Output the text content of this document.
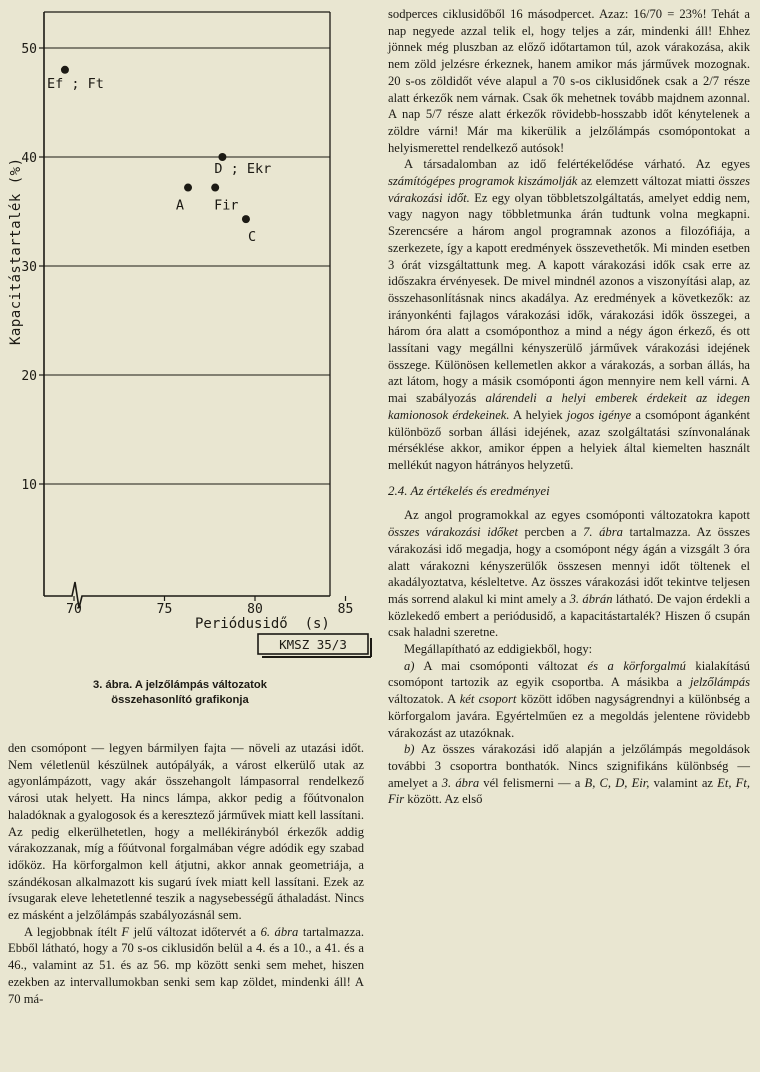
10
20
30
40
50
70	75	80	85
Ef ; Ft
D ; Ekr
A Fir
C
Kapacitástartalék (%)
Periódusidő  (s)
KMSZ 35/3
3. ábra. A jelzőlámpás változatok
összehasonlító grafikonja

sodperces ciklusidőből 16 másodpercet. Azaz: 16/70 = 23%! Tehát a nap negyede azzal telik el, hogy teljes a zár, mindenki áll! Ehhez jönnek még pluszban az előző időtartamon túl, azok várakozása, akik nem zöld jelzésre érkeznek, hanem amikor más járművek mozognak. 20 s-os zöldidőt véve alapul a 70 s-os ciklusidőnek csak a 2/7 része alatt érkezők nem várnak. Csak ők mehetnek tovább majdnem azonnal. A nap 5/7 része alatt érkezők rövidebb-hosszabb időt kénytelenek a zöldre várni! Már ma kikerülik a jelzőlámpás csomópontokat a helyismerettel rendelkező autósok!

A társadalomban az idő felértékelődése várható. Az egyes számítógépes programok kiszámolják az elemzett változat miatti összes várakozási időt. Ez egy olyan többletszolgáltatás, amelyet eddig nem, vagy nagyon nagy többletmunka árán tudtunk volna megkapni. Szerencsére a három angol programnak azonos a filozófiája, a szerkezete, így a kapott eredmények összevethetők. Mi minden esetben 3 órát vizsgáltattunk meg. A kapott várakozási idők csak erre az időszakra érvényesek. De mivel mindnél azonos a viszonyítási alap, az összehasonlításnak nincs akadálya. Az eredmények a következők: az irányonkénti fajlagos várakozási idők, várakozási idők összegei, a három óra alatt a csomóponthoz a mind a négy ágon érkező, és ott lassítani vagy megállni kényszerülő járművek várakozási idejének összege. Különösen kellemetlen akkor a várakozás, a sorban állás, ha azt látom, hogy a másik csomóponti ágon mennyire nem kell várni. A mai szabályozás alárendeli a helyi emberek érdekeit az idegen kamionosok érdekeinek. A helyiek jogos igénye a csomópont áganként különböző sorban állási idejének, azaz szolgáltatási színvonalának mérséklése akkor, amikor éppen a helyiek által kiemelten használt mellékút nagyon hátrányos helyzetű.

2.4. Az értékelés és eredményei

Az angol programokkal az egyes csomóponti változatokra kapott összes várakozási időket percben a 7. ábra tartalmazza. Az összes várakozási idő megadja, hogy a csomópont négy ágán a vizsgált 3 óra alatt várakozni kényszerülők összesen mennyi időt töltenek el akadályoztatva, késleltetve. Az összes várakozási időt tekintve teljesen más sorrend alakul ki mint amely a 3. ábrán látható. De vajon érdekli a közlekedő embert a periódusidő, a kapacitástartalék? Hiszen ő csupán csak haladni szeretne.

Megállapítható az eddigiekből, hogy:

a) A mai csomóponti változat és a körforgalmú kialakítású csomópont tartozik az egyik csoportba. A másikba a jelzőlámpás változatok. A két csoport között időben nagyságrendnyi a különbség a körforgalom javára. Egyértelműen ez a megoldás jelentene rövidebb várakozást az utazóknak.

b) Az összes várakozási idő alapján a jelzőlámpás megoldások további 3 csoportra bonthatók. Nincs szignifikáns különbség — amelyet a 3. ábra vél felismerni — a B, C, D, Eir, valamint az Et, Ft, Fir között. Az első

den csomópont — legyen bármilyen fajta — növeli az utazási időt. Nem véletlenül készülnek autópályák, a várost elkerülő utak az agyonlámpázott, vagy akár összehangolt lámpasorral rendelkező városi utak helyett. Ha nincs lámpa, akkor pedig a főútvonalon haladóknak a gyalogosok és a keresztező járművek miatt kell lassítani. Az pedig elkerülhetetlen, hogy a mellékirányból érkezők addig várakozzanak, míg a főútvonal forgalmában végre adódik egy szabad időköz. Ha körforgalmon kell átjutni, akkor annak geometriája, a szándékosan alkalmazott kis sugarú ívek miatt kell lassítani. Ezek az ívsugarak eleve lehetetlenné teszik a nagysebességű áthaladást. Nincs ez másként a jelzőlámpás szabályozásnál sem.

A legjobbnak ítélt F jelű változat időtervét a 6. ábra tartalmazza. Ebből látható, hogy a 70 s-os ciklusidőn belül a 4. és a 10., a 41. és a 46., valamint az 51. és az 56. mp között senki sem mehet, hiszen ezekben az intervallumokban senki sem kap zöldet, mindenki áll! A 70 má-
